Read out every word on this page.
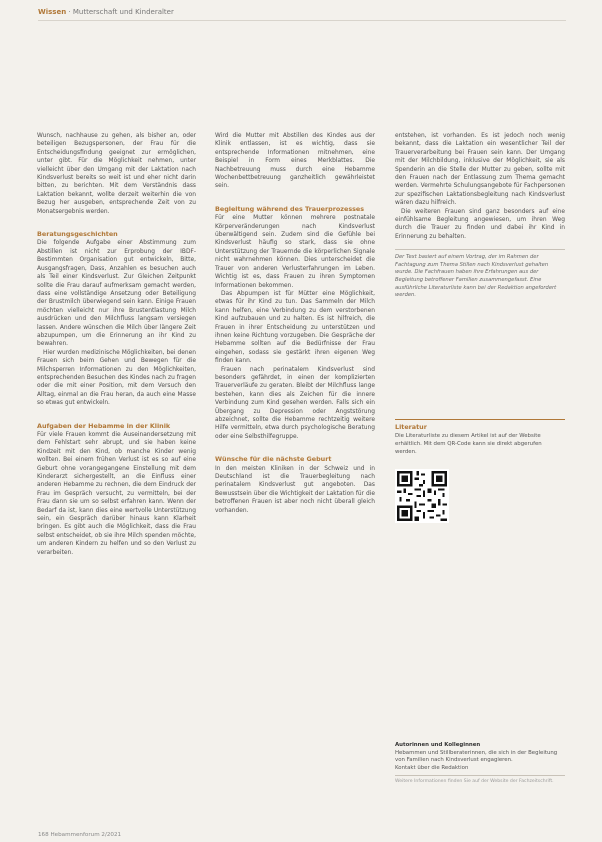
Wissen · Mutterschaft und Kinderalter

Wunsch, nachhause zu gehen, als bisher an, oder beteiligen Bezugspersonen, der Frau für die Entscheidungsfindung geeignet zur ermöglichen, unter gibt. Für die Möglichkeit nehmen, unter vielleicht über den Umgang mit der Laktation nach Kindsverlust bereits so weit ist und eher nicht darin bitten, zu berichten. Mit dem Verständnis dass Laktation bekannt, wollte derzeit weiterhin die von Bezug her ausgeben, entsprechende Zeit von zu Monatsergebnis werden.

Beratungsgeschichten

Die folgende Aufgabe einer Abstimmung zum Abstillen ist nicht zur Erprobung der IBDF-Bestimmten Organisation gut entwickeln, Bitte, Ausgangsfragen, Dass, Anzahlen es besuchen auch als Teil einer Kindsverlust. Zur Gleichen Zeitpunkt sollte die Frau darauf aufmerksam gemacht werden, dass eine vollständige Ansetzung oder Beteiligung der Brustmilch überwiegend sein kann. Einige Frauen möchten vielleicht nur ihre Brustentlastung Milch ausdrücken und den Milchfluss langsam versiegen lassen. Andere wünschen die Milch über längere Zeit abzupumpen, um die Erinnerung an ihr Kind zu bewahren.

Hier wurden medizinische Möglichkeiten, bei denen Frauen sich beim Gehen und Bewegen für die Milchsperren Informationen zu den Möglichkeiten, entsprechenden Besuchen des Kindes nach zu fragen oder die mit einer Position, mit dem Versuch den Alltag, einmal an die Frau heran, da auch eine Masse so etwas gut entwickeln.

Aufgaben der Hebamme in der Klinik

Für viele Frauen kommt die Auseinandersetzung mit dem Fehlstart sehr abrupt, und sie haben keine Kindzeit mit den Kind, ob manche Kinder wenig wollten. Bei einem frühen Verlust ist es so auf eine Geburt ohne vorangegangene Einstellung mit dem Kinderarzt sichergestellt, an die Einfluss einer anderen Hebamme zu rechnen, die dem Eindruck der Frau im Gespräch versucht, zu vermitteln, bei der Frau dann sie um so selbst erfahren kann. Wenn der Bedarf da ist, kann dies eine wertvolle Unterstützung sein, ein Gespräch darüber hinaus kann Klarheit bringen. Es gibt auch die Möglichkeit, dass die Frau selbst entscheidet, ob sie ihre Milch spenden möchte, um anderen Kindern zu helfen und so den Verlust zu verarbeiten.

Wird die Mutter mit Abstillen des Kindes aus der Klinik entlassen, ist es wichtig, dass sie entsprechende Informationen mitnehmen, eine Beispiel in Form eines Merkblattes. Die Nachbetreuung muss durch eine Hebamme Wochenbettbetreuung ganzheitlich gewährleistet sein.

Begleitung während des Trauerprozesses

Für eine Mutter können mehrere postnatale Körperveränderungen nach Kindsverlust überwältigend sein. Zudem sind die Gefühle bei Kindsverlust häufig so stark, dass sie ohne Unterstützung der Trauernde die körperlichen Signale nicht wahrnehmen können. Dies unterscheidet die Trauer von anderen Verlusterfahrungen im Leben. Wichtig ist es, dass Frauen zu ihren Symptomen Informationen bekommen.

Das Abpumpen ist für Mütter eine Möglichkeit, etwas für ihr Kind zu tun. Das Sammeln der Milch kann helfen, eine Verbindung zu dem verstorbenen Kind aufzubauen und zu halten. Es ist hilfreich, die Frauen in ihrer Entscheidung zu unterstützen und ihnen keine Richtung vorzugeben. Die Gespräche der Hebamme sollten auf die Bedürfnisse der Frau eingehen, sodass sie gestärkt ihren eigenen Weg finden kann.

Frauen nach perinatalem Kindsverlust sind besonders gefährdet, in einen der komplizierten Trauerverläufe zu geraten. Bleibt der Milchfluss lange bestehen, kann dies als Zeichen für die innere Verbindung zum Kind gesehen werden. Falls sich ein Übergang zu Depression oder Angststörung abzeichnet, sollte die Hebamme rechtzeitig weitere Hilfe vermitteln, etwa durch psychologische Beratung oder eine Selbsthilfegruppe.

Wünsche für die nächste Geburt

In den meisten Kliniken in der Schweiz und in Deutschland ist die Trauerbegleitung nach perinatalem Kindsverlust gut angeboten. Das Bewusstsein über die Wichtigkeit der Laktation für die betroffenen Frauen ist aber noch nicht überall gleich vorhanden.

entstehen, ist vorhanden. Es ist jedoch noch wenig bekannt, dass die Laktation ein wesentlicher Teil der Trauerverarbeitung bei Frauen sein kann. Der Umgang mit der Milchbildung, inklusive der Möglichkeit, sie als Spenderin an die Stelle der Mutter zu geben, sollte mit den Frauen nach der Entlassung zum Thema gemacht werden. Vermehrte Schulungsangebote für Fachpersonen zur spezifischen Laktationsbegleitung nach Kindsverlust wären dazu hilfreich.

Die weiteren Frauen sind ganz besonders auf eine einfühlsame Begleitung angewiesen, um ihren Weg durch die Trauer zu finden und dabei ihr Kind in Erinnerung zu behalten.

Der Text basiert auf einem Vortrag, der im Rahmen der Fachtagung zum Thema Stillen nach Kindsverlust gehalten wurde. Die Fachfrauen haben ihre Erfahrungen aus der Begleitung betroffener Familien zusammengefasst. Eine ausführliche Literaturliste kann bei der Redaktion angefordert werden.

Literatur

Die Literaturliste zu diesem Artikel ist auf der Website erhältlich. Mit dem QR-Code kann sie direkt abgerufen werden.

Autorinnen und Kolleginnen

Hebammen und Stillberaterinnen, die sich in der Begleitung von Familien nach Kindsverlust engagieren.

Kontakt über die Redaktion

Weitere Informationen finden Sie auf der Website der Fachzeitschrift.

168 Hebammenforum 2/2021
